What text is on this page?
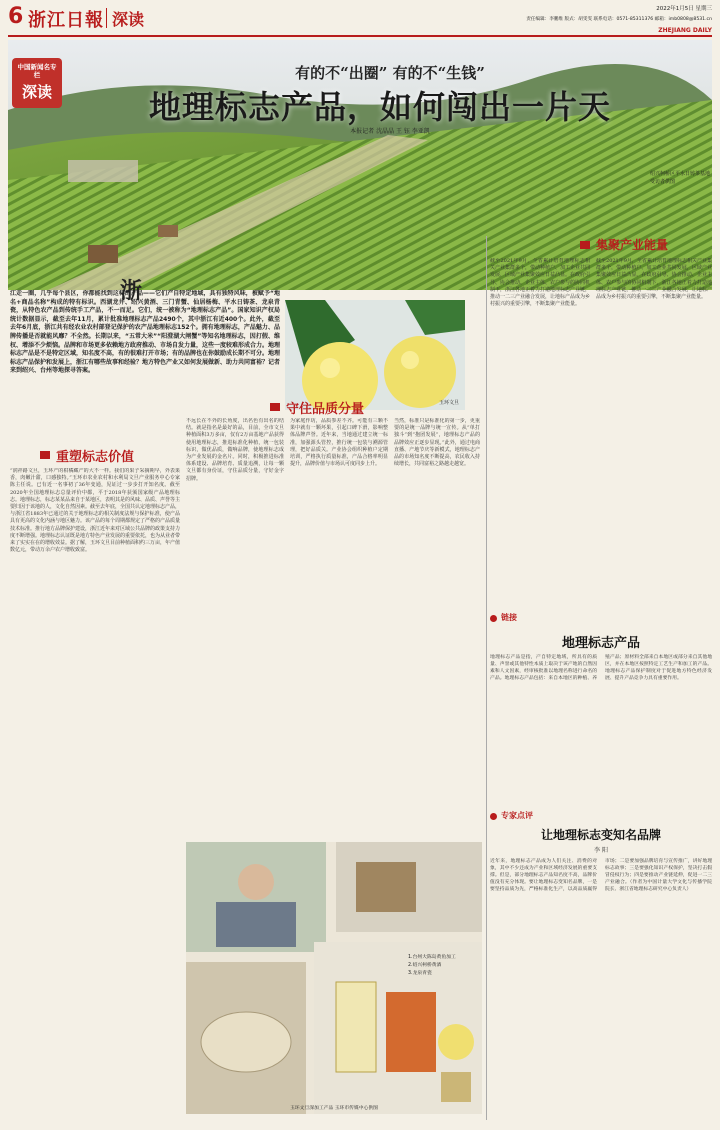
6 浙江日報 深读
2022年1月5日 星期三
责任编辑：李鹏维 版式：胡雯雯 联系电话：0571-85311376 邮箱：imb0808@8531.cn
ZHEJIANG DAILY
中国新闻名专栏
深读
有的不“出圈” 有的不“生钱”
地理标志产品，如何闯出一片天
本报记者 沈晶晶 王 钰 李亚凯
绍兴柯桥区平水日铸茶基地 受访者供图
浙
江走一圈，几乎每个县区，你都能找到这样的产品——它们产自特定地域，具有独特风味，被赋予“地名+商品名称”构成的特有标识。西湖龙井、绍兴黄酒、三门青蟹、仙居杨梅、平水日铸茶、龙泉青瓷，从特色农产品到传统手工产品，不一而足。它们，统一被称为“地理标志产品”。国家知识产权局统计数据显示，截至去年11月，累计批准地理标志产品2490个，其中浙江有近400个。此外，截至去年6月底，浙江共有经农业农村部登记保护的农产品地理标志152个。拥有地理标志，产品魅力、品牌传播是否就能风靡？不全然。长期以来，“五常大米”“阳澄湖大闸蟹”等知名地理标志，因打假、维权、增添不少烦恼。品牌和市场更多依赖地方政府推动、市场自发力量，这些一度较难形成合力。地理标志产品是不是特定区域，知名度不高，有的很难打开市场；有的品牌也在你鼓励成长期不可分。地理标志产品保护和发展上，浙江有哪些故事和经验？地方特色产业又如何发展做新、助力共同富裕？记者来到绍兴、台州等地探寻答案。
玉环文旦
重塑标志价值
“润祥路文旦，玉环产的柑橘藏产的大不一样。我们的果子采摘期早，外表果香，肉嫩汁甜，口感独特。”玉环市农业农村和水利局文旦产业服务中心专家陈主任说。已有近一名事初了36年变通，见证过一步步打开知名度。截至2020年全国地理标志总量评价中都，平于2018年获颁国家级产品地理标志。地理标志，标志某某品来自于某地区，表明其是的风味、品质、声誉等主要归因于该地的人，文化自然因素。截至去年底，全国共认定地理标志产品，与浙江省1883年已通过的关于地理标志的相关制度法规与保护标准，使产品具有更高的文化内涵与地区魅力。该产品的每个周期都规定了严格的产品质量技术标准。推行地方品牌保护建设，浙江近年来对区域公共品牌的政策支持力度不断增强。地理标志认证既是地方特色产业发展的重要依托，也为从业者带来了实实在在的增收效益。据了解，玉环文旦目前种植面积约三万亩，年产值数亿元，带动万余户农户增收致富。
守住品质分量
不远长在不外的长角度，出名色有出名的结结。就是指名是最好的品，目前，全市文旦种植面积3万多亩，仅有2万亩基地产品获得使用地理标志，推进标准化种植，统一包装标识，做优品质，做响品牌，使地理标志成为产业发展的金名片。同时，积极推进标准体系建设、品牌培育、质量追溯，让每一颗文旦都有身份证，守住品质分量，守好金字招牌。
为家庭作坊，品质参差不齐。可能有三颗不果中就有一颗坏果，引起口碑下滑，影响整体品牌声誉。近年来，当地通过建立统一标准，加强源头管控，推行统一包装与溯源管理，把好品质关。产业协会组织种植户定期培训，严格执行质量标准，产品合格率明显提升，品牌价值与市场认可度同步上升。
当然，标准只是标准化的第一步，更重要的是统一品牌与统一宣传。从“单打独斗”到“抱团发展”，地理标志产品的品牌效应正逐步显现。”此外，通过电商直播、产地节庆等新模式，地理标志产品的市场知名度不断提高，农民收入持续增长，共同富裕之路越走越宽。
集聚产业能量
截至2021年9月，全省累计培育地理标志相关产业集群多个，带动种植户、加工企业共同发展，区域产业集聚效应日益凸显。在政府引导、协会推动、企业主体、农户参与的协同机制下，浙江各地正着力打造地理标志产业链，推动一二三产业融合发展，让地标产品成为乡村振兴的重要引擎，不断集聚产业能量。
截至2021年9月，全省累计培育地理标志相关产业集群多个，带动种植户、加工企业共同发展，区域产业集聚效应日益凸显。在政府引导、协会推动、企业主体、农户参与的协同机制下，浙江各地正着力打造地理标志产业链，推动一二三产业融合发展，让地标产品成为乡村振兴的重要引擎，不断集聚产业能量。
链接
地理标志产品
地理标志产品是指，产自特定地域，所具有的质量、声誉或其他特性本质上取决于该产地的自然因素和人文因素，经审核批准以地理名称进行命名的产品。地理标志产品包括：来自本地区的种植、养殖产品；原材料全部来自本地区或部分来自其他地区，并在本地区按照特定工艺生产和加工的产品。地理标志产品保护制度对于促进地方特色经济发展、提升产品竞争力具有重要作用。
专家点评
让地理标志变知名品牌
李 阳
近年来，地理标志产品成为人们关注、消费的对象，其中不少还成为产业和区域经济发展的重要支撑。但是，部分地理标志产品知名度不高，品牌价值没有充分体现。要让地理标志变知名品牌，一是要坚持品质为先，严格标准化生产，以高品质赢得市场；二是要加强品牌培育与宣传推广，讲好地理标志故事；三是要强化知识产权保护，坚决打击假冒侵权行为；四是要推动产业链延伸，促进一二三产业融合。（作者为中国计量大学文化与传播学院院长、浙江省地理标志研究中心负责人）
1.台州大陈岛黄鱼加工
2.绍兴柯桥黄酒
3.龙泉青瓷
玉环文旦深加工产品 玉环市传媒中心供图
